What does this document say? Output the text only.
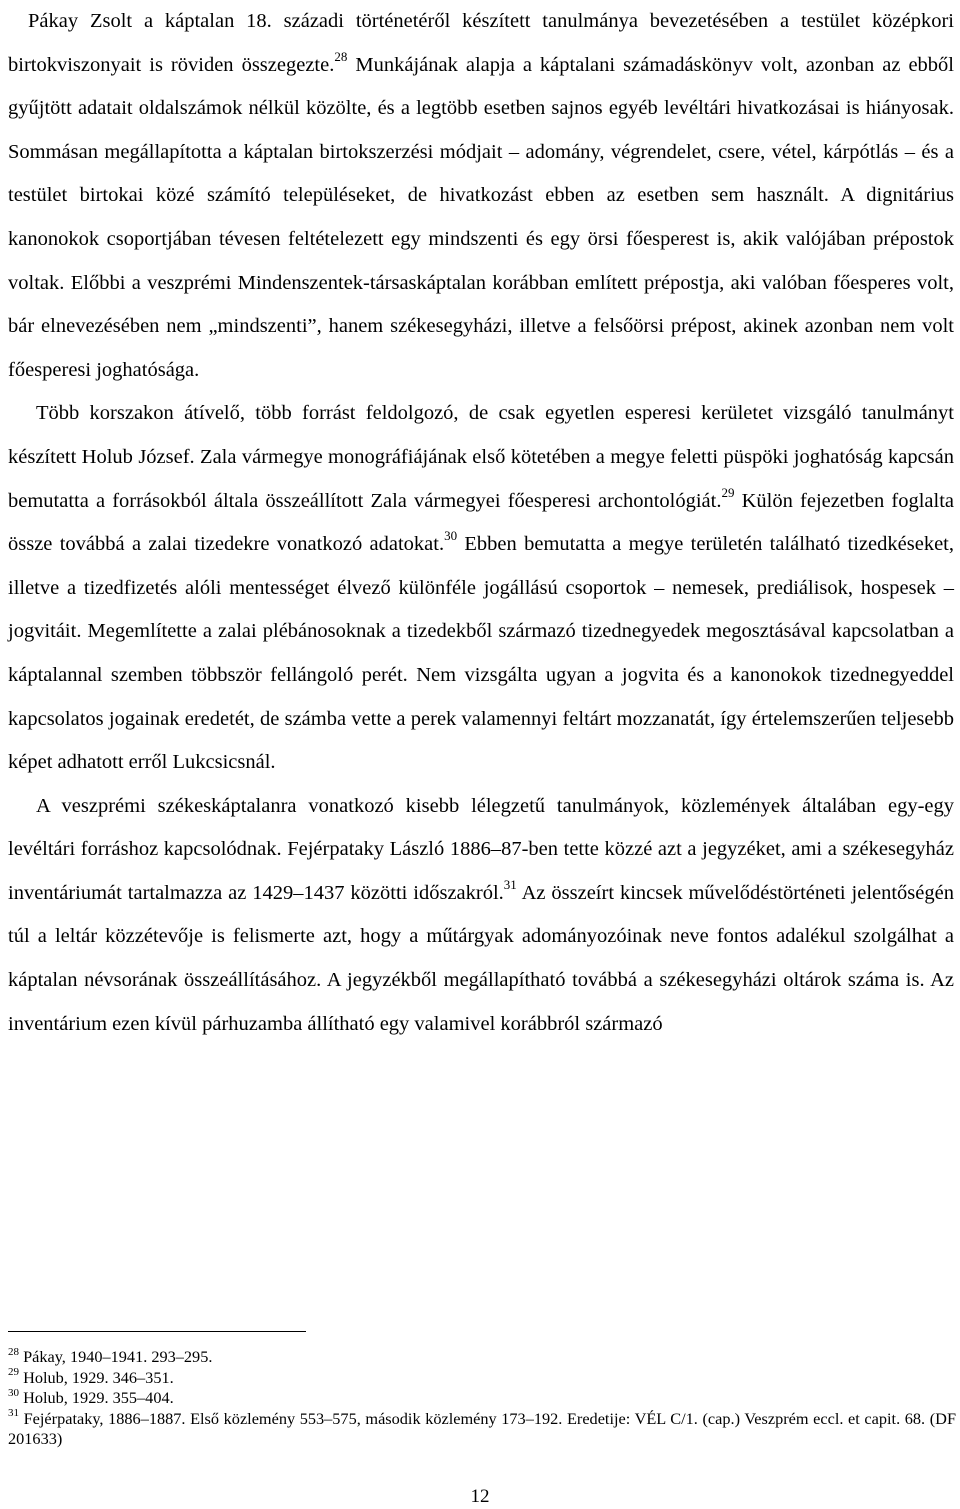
Pákay Zsolt a káptalan 18. századi történetéről készített tanulmánya bevezetésében a testület középkori birtokviszonyait is röviden összegezte.$^{28}$ Munkájának alapja a káptalani számadáskönyv volt, azonban az ebből gyűjtött adatait oldalszámok nélkül közölte, és a legtöbb esetben sajnos egyéb levéltári hivatkozásai is hiányosak. Sommásan megállapította a káptalan birtokszerzési módjait – adomány, végrendelet, csere, vétel, kárpótlás – és a testület birtokai közé számító településeket, de hivatkozást ebben az esetben sem használt. A dignitárius kanonokok csoportjában tévesen feltételezett egy mindszenti és egy örsi főesperest is, akik valójában prépostok voltak. Előbbi a veszprémi Mindenszentek-társaskáptalan korábban említett prépostja, aki valóban főesperes volt, bár elnevezésében nem „mindszenti”, hanem székesegyházi, illetve a felsőörsi prépost, akinek azonban nem volt főesperesi joghatósága.

Több korszakon átívelő, több forrást feldolgozó, de csak egyetlen esperesi kerületet vizsgáló tanulmányt készített Holub József. Zala vármegye monográfiájának első kötetében a megye feletti püspöki joghatóság kapcsán bemutatta a forrásokból általa összeállított Zala vármegyei főesperesi archontológiát.$^{29}$ Külön fejezetben foglalta össze továbbá a zalai tizedekre vonatkozó adatokat.$^{30}$ Ebben bemutatta a megye területén található tizedkéseket, illetve a tizedfizetés alóli mentességet élvező különféle jogállású csoportok – nemesek, prediálisok, hospesek – jogvitáit. Megemlítette a zalai plébánosoknak a tizedekből származó tizednegyedek megosztásával kapcsolatban a káptalannal szemben többször fellángoló perét. Nem vizsgálta ugyan a jogvita és a kanonokok tizednegyeddel kapcsolatos jogainak eredetét, de számba vette a perek valamennyi feltárt mozzanatát, így értelemszerűen teljesebb képet adhatott erről Lukcsicsnál.

A veszprémi székeskáptalanra vonatkozó kisebb lélegzetű tanulmányok, közlemények általában egy-egy levéltári forráshoz kapcsolódnak. Fejérpataky László 1886–87-ben tette közzé azt a jegyzéket, ami a székesegyház inventáriumát tartalmazza az 1429–1437 közötti időszakról.$^{31}$ Az összeírt kincsek művelődéstörténeti jelentőségén túl a leltár közzétevője is felismerte azt, hogy a műtárgyak adományozóinak neve fontos adalékul szolgálhat a káptalan névsorának összeállításához. A jegyzékből megállapítható továbbá a székesegyházi oltárok száma is. Az inventárium ezen kívül párhuzamba állítható egy valamivel korábbról származó

$^{28}$ Pákay, 1940–1941. 293–295.

$^{29}$ Holub, 1929. 346–351.

$^{30}$ Holub, 1929. 355–404.

$^{31}$ Fejérpataky, 1886–1887. Első közlemény 553–575, második közlemény 173–192. Eredetije: VÉL C/1. (cap.) Veszprém eccl. et capit. 68. (DF 201633)

12
